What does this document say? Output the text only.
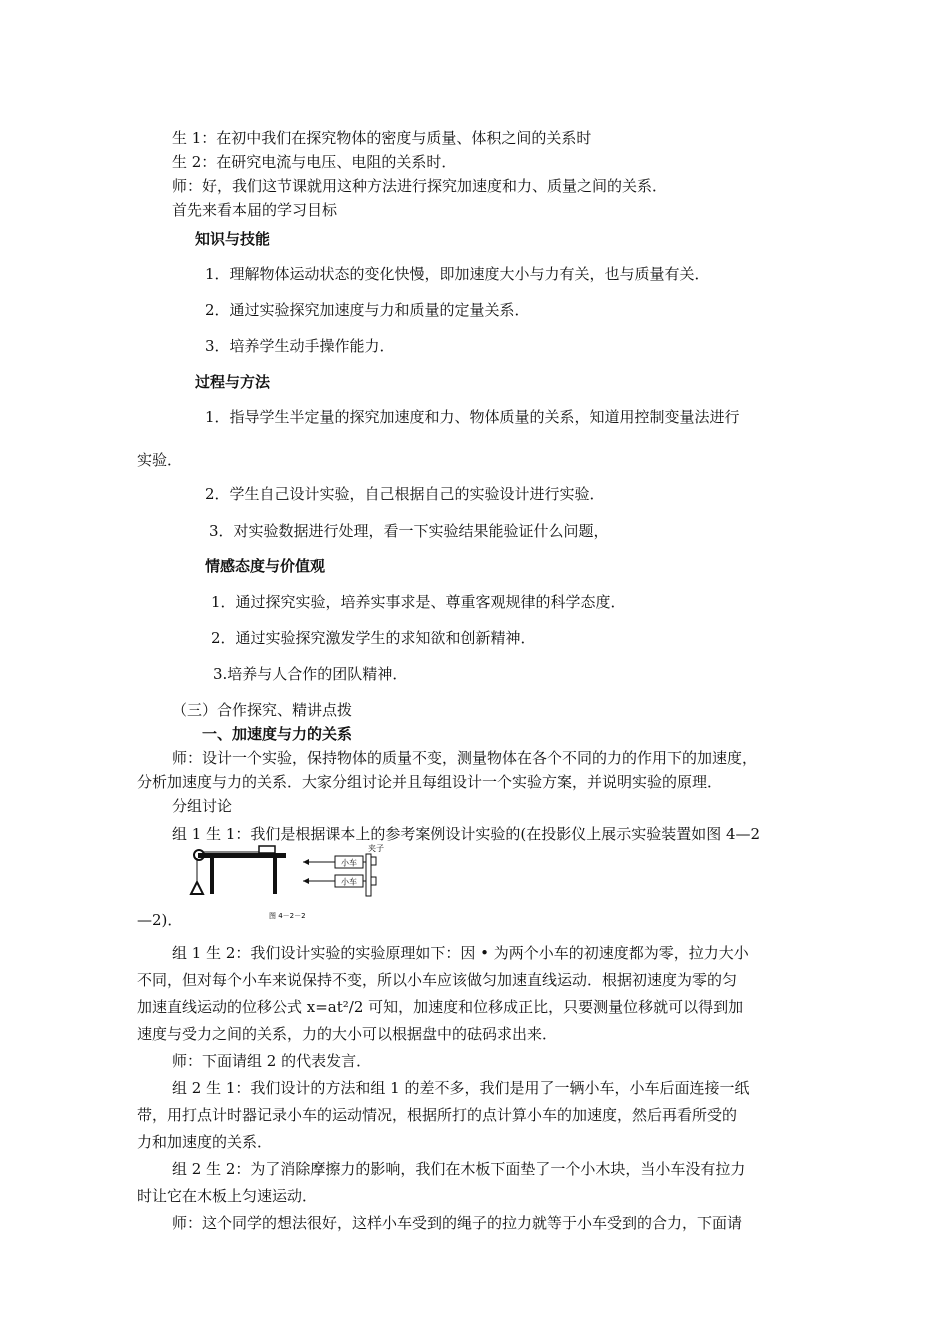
生 1：在初中我们在探究物体的密度与质量、体积之间的关系时
生 2：在研究电流与电压、电阻的关系时．
师：好，我们这节课就用这种方法进行探究加速度和力、质量之间的关系．
首先来看本届的学习目标
知识与技能
1．理解物体运动状态的变化快慢，即加速度大小与力有关，也与质量有关．
2．通过实验探究加速度与力和质量的定量关系．
3．培养学生动手操作能力．
过程与方法
1．指导学生半定量的探究加速度和力、物体质量的关系，知道用控制变量法进行
实验．
2．学生自己设计实验，自己根据自己的实验设计进行实验．
3．对实验数据进行处理，看一下实验结果能验证什么问题，
情感态度与价值观
1．通过探究实验，培养实事求是、尊重客观规律的科学态度．
2．通过实验探究激发学生的求知欲和创新精神．
3.培养与人合作的团队精神．
（三）合作探究、精讲点拨
一、加速度与力的关系
师：设计一个实验，保持物体的质量不变，测量物体在各个不同的力的作用下的加速度，
分析加速度与力的关系．大家分组讨论并且每组设计一个实验方案，并说明实验的原理．
分组讨论
组 1 生 1：我们是根据课本上的参考案例设计实验的(在投影仪上展示实验装置如图 4—2
小车
小车
夹子
图 4－2－2
—2)．
组 1 生 2：我们设计实验的实验原理如下：因 • 为两个小车的初速度都为零，拉力大小
不同，但对每个小车来说保持不变，所以小车应该做匀加速直线运动．根据初速度为零的匀
加速直线运动的位移公式 x=at²/2 可知，加速度和位移成正比，只要测量位移就可以得到加
速度与受力之间的关系，力的大小可以根据盘中的砝码求出来．
师：下面请组 2 的代表发言．
组 2 生 1：我们设计的方法和组 1 的差不多，我们是用了一辆小车，小车后面连接一纸
带，用打点计时器记录小车的运动情况，根据所打的点计算小车的加速度，然后再看所受的
力和加速度的关系．
组 2 生 2：为了消除摩擦力的影响，我们在木板下面垫了一个小木块，当小车没有拉力
时让它在木板上匀速运动．
师：这个同学的想法很好，这样小车受到的绳子的拉力就等于小车受到的合力，下面请
